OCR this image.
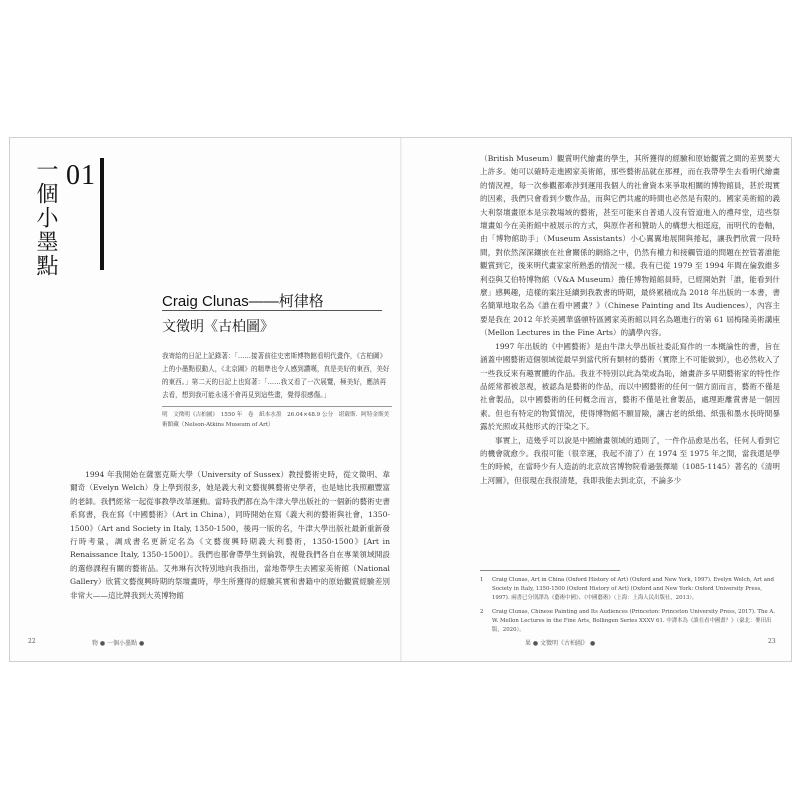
一個小墨點 01
Craig Clunas——柯律格
文徵明《古柏圖》
我寄給的日記上記錄著：「……接著前往史密斯博物館看明代畫作，《古柏圖》上的小墨點很動人，《北京圖》的精準也令人感到讚嘆，真是美好的東西，美好的東西。」第二天的日記上也寫著：「……我又看了一次展覽，極美好，應該再去看，想到我可能永遠不會再見到這些畫，覺得很感傷。」
明　文徵明《古柏圖》　1550 年　卷　紙本水墨　26.04×48.9 公分　堪薩斯．阿特金斯美術館藏（Nelson-Atkins Museum of Art）

1994 年我開始在薩塞克斯大學（University of Sussex）教授藝術史時，從文徵明、韋爾奇（Evelyn Welch）身上學到很多，她是義大利文藝復興藝術史學者，也是她比我照顧豐富的老師。我們經常一起從事教學改革運動。當時我們都在為牛津大學出版社的一個新的藝術史書系寫書，我在寫《中國藝術》（Art in China），同時開始在寫《義大利的藝術與社會，1350-1500》（Art and Society in Italy, 1350-1500，後再一版的名，牛津大學出版社最新重新發行時考量，調成書名更新定名為《文藝復興時期義大利藝術，1350-1500》[Art in Renaissance Italy, 1350-1500]）。我們也都會帶學生到倫敦，視覺我們各自在專業領域開設的選修課程有關的藝術品。艾弗琳有次特別地向我指出，當地帶學生去國家美術館（National Gallery）欣賞文藝復興時期的祭壇畫時，學生所獲得的經驗其實和書籍中的原始觀賞經驗差別非常大——這比牌我到大英博物館

22	物 ● 一個小墨點 ●

（British Museum）觀賞明代繪畫的學生，其所獲得的經驗和原始觀賞之間的差異要大上許多。她可以確時走進國家美術館，那些藝術品就在那裡，而在我帶學生去看明代繪畫的情況裡，每一次參觀都牽涉到運用我個人的社會資本來爭取相關的博物館員，甚於現實的因素，我們只會看到少數作品，而與它們共處的時間也必然是有限的。國家美術館的義大利祭壇畫原本是宗教場域的藝術，甚至可能來自普通人沒有管道進入的禮拜堂，這些祭壇畫如今在美術館中被展示的方式，與原作者和贊助人的構想大相逕庭，而明代的卷軸，由「博物館助手」（Museum Assistants）小心翼翼地展開與捲起，讓我們欣賞一段時間，對依然深深鑲嵌在社會關係的網絡之中，仍然有權力和接觸管道的問題在控管著誰能觀賞到它，後來明代畫家家所熟悉的情況一樣。我有已從 1979 至 1994 年間在倫敦維多利亞與艾伯特博物館（V&A Museum）擔任博物館館員時，已經開始對「誰，能看到什麼」感興趣，這樣的案注延續到我教書的時期，最終累積成為 2018 年出版的一本書，書名簡單地取名為《誰在看中國畫？》（Chinese Painting and Its Audiences），內容主要是我在 2012 年於美國華盛頓特區國家美術館以同名為題進行的第 61 屆梅隆美術講座（Mellon Lectures in the Fine Arts）的講學內容。

1997 年出版的《中國藝術》是由牛津大學出版社委託寫作的一本概論性的書，旨在涵蓋中國藝術這個領域從最早到當代所有類材的藝術（實際上不可能做到），也必然收入了一些我反來有趣實體的作品。我並不特別以此為榮或為恥，繪畫許多早期藝術家的特性作品經常都被忽視，被認為是藝術的作品，而以中國藝術的任何一個方面而言，藝術不僅是社會製品，以中國藝術的任何概念而言，藝術不僅是社會製品，處理距離賞書是一個因素。但也有特定的物質情況，使得博物館不願冒險，讓古老的紙絹、紙張和墨水長時間暴露於光照或其他形式的汙染之下。

事實上，這幾乎可以說是中國繪畫領域的通則了，一件作品愈是出名，任何人看到它的機會就愈少。我很可能（很幸運，我起不清了）在 1974 至 1975 年之間，當我還是學生的時候，在當時少有人造訪的北京故宮博物院看過張擇端（1085-1145）著名的《清明上河圖》，但很現在我很清楚，我即我能去到北京，不論多少

1	Craig Clunas, Art in China (Oxford History of Art) (Oxford and New York, 1997). Evelyn Welch, Art and Society in Italy, 1350-1500 (Oxford History of Art) (Oxford and New York: Oxford University Press, 1997). 兩書已分別譯為《藝術中國》、《中國藝術》（上海：上海人民出版社，2013）。
2	Craig Clunas, Chinese Painting and Its Audiences (Princeton: Princeton University Press, 2017). The A. W. Mellon Lectures in the Fine Arts, Bollingen Series XXXV 61. 中譯本為《誰在看中國畫？》（臺北：麥田出版，2020）。
果 ● 文徵明《古柏圖》 ●	23
